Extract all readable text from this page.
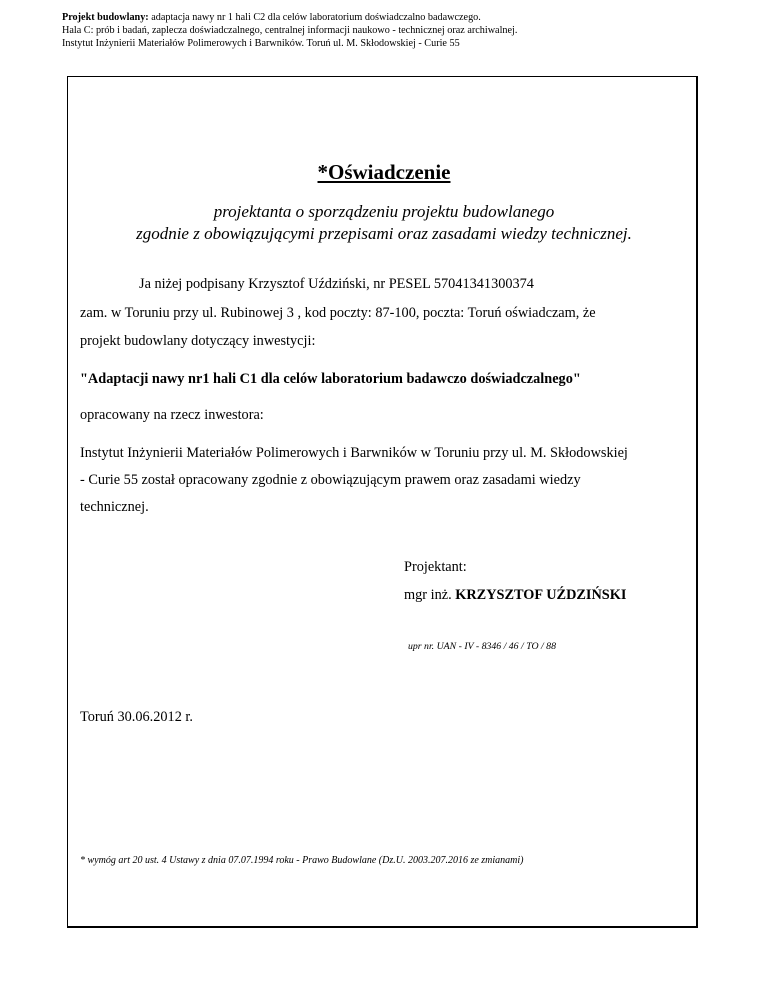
Projekt budowlany: adaptacja nawy nr 1 hali C2 dla celów laboratorium doświadczalno badawczego.
Hala C: prób i badań, zaplecza doświadczalnego, centralnej informacji naukowo - technicznej oraz archiwalnej.
Instytut Inżynierii Materiałów Polimerowych i Barwników. Toruń ul. M. Skłodowskiej - Curie 55
*Oświadczenie
projektanta o sporządzeniu projektu budowlanego
zgodnie z obowiązującymi przepisami oraz zasadami wiedzy technicznej.
Ja niżej podpisany Krzysztof Uździński, nr PESEL 57041341300374
zam. w Toruniu przy ul. Rubinowej 3 , kod poczty: 87-100, poczta: Toruń oświadczam, że
projekt budowlany dotyczący inwestycji:
"Adaptacji nawy nr1 hali C1 dla celów laboratorium badawczo doświadczalnego"
opracowany na rzecz inwestora:
Instytut Inżynierii Materiałów Polimerowych i Barwników w Toruniu przy ul. M. Skłodowskiej
- Curie 55 został opracowany zgodnie z obowiązującym prawem oraz zasadami wiedzy
technicznej.
Projektant:
mgr inż. KRZYSZTOF UŹDZIŃSKI
upr nr. UAN - IV - 8346 / 46 / TO / 88
Toruń 30.06.2012 r.
* wymóg art 20 ust. 4 Ustawy z dnia 07.07.1994 roku - Prawo Budowlane (Dz.U. 2003.207.2016 ze zmianami)
